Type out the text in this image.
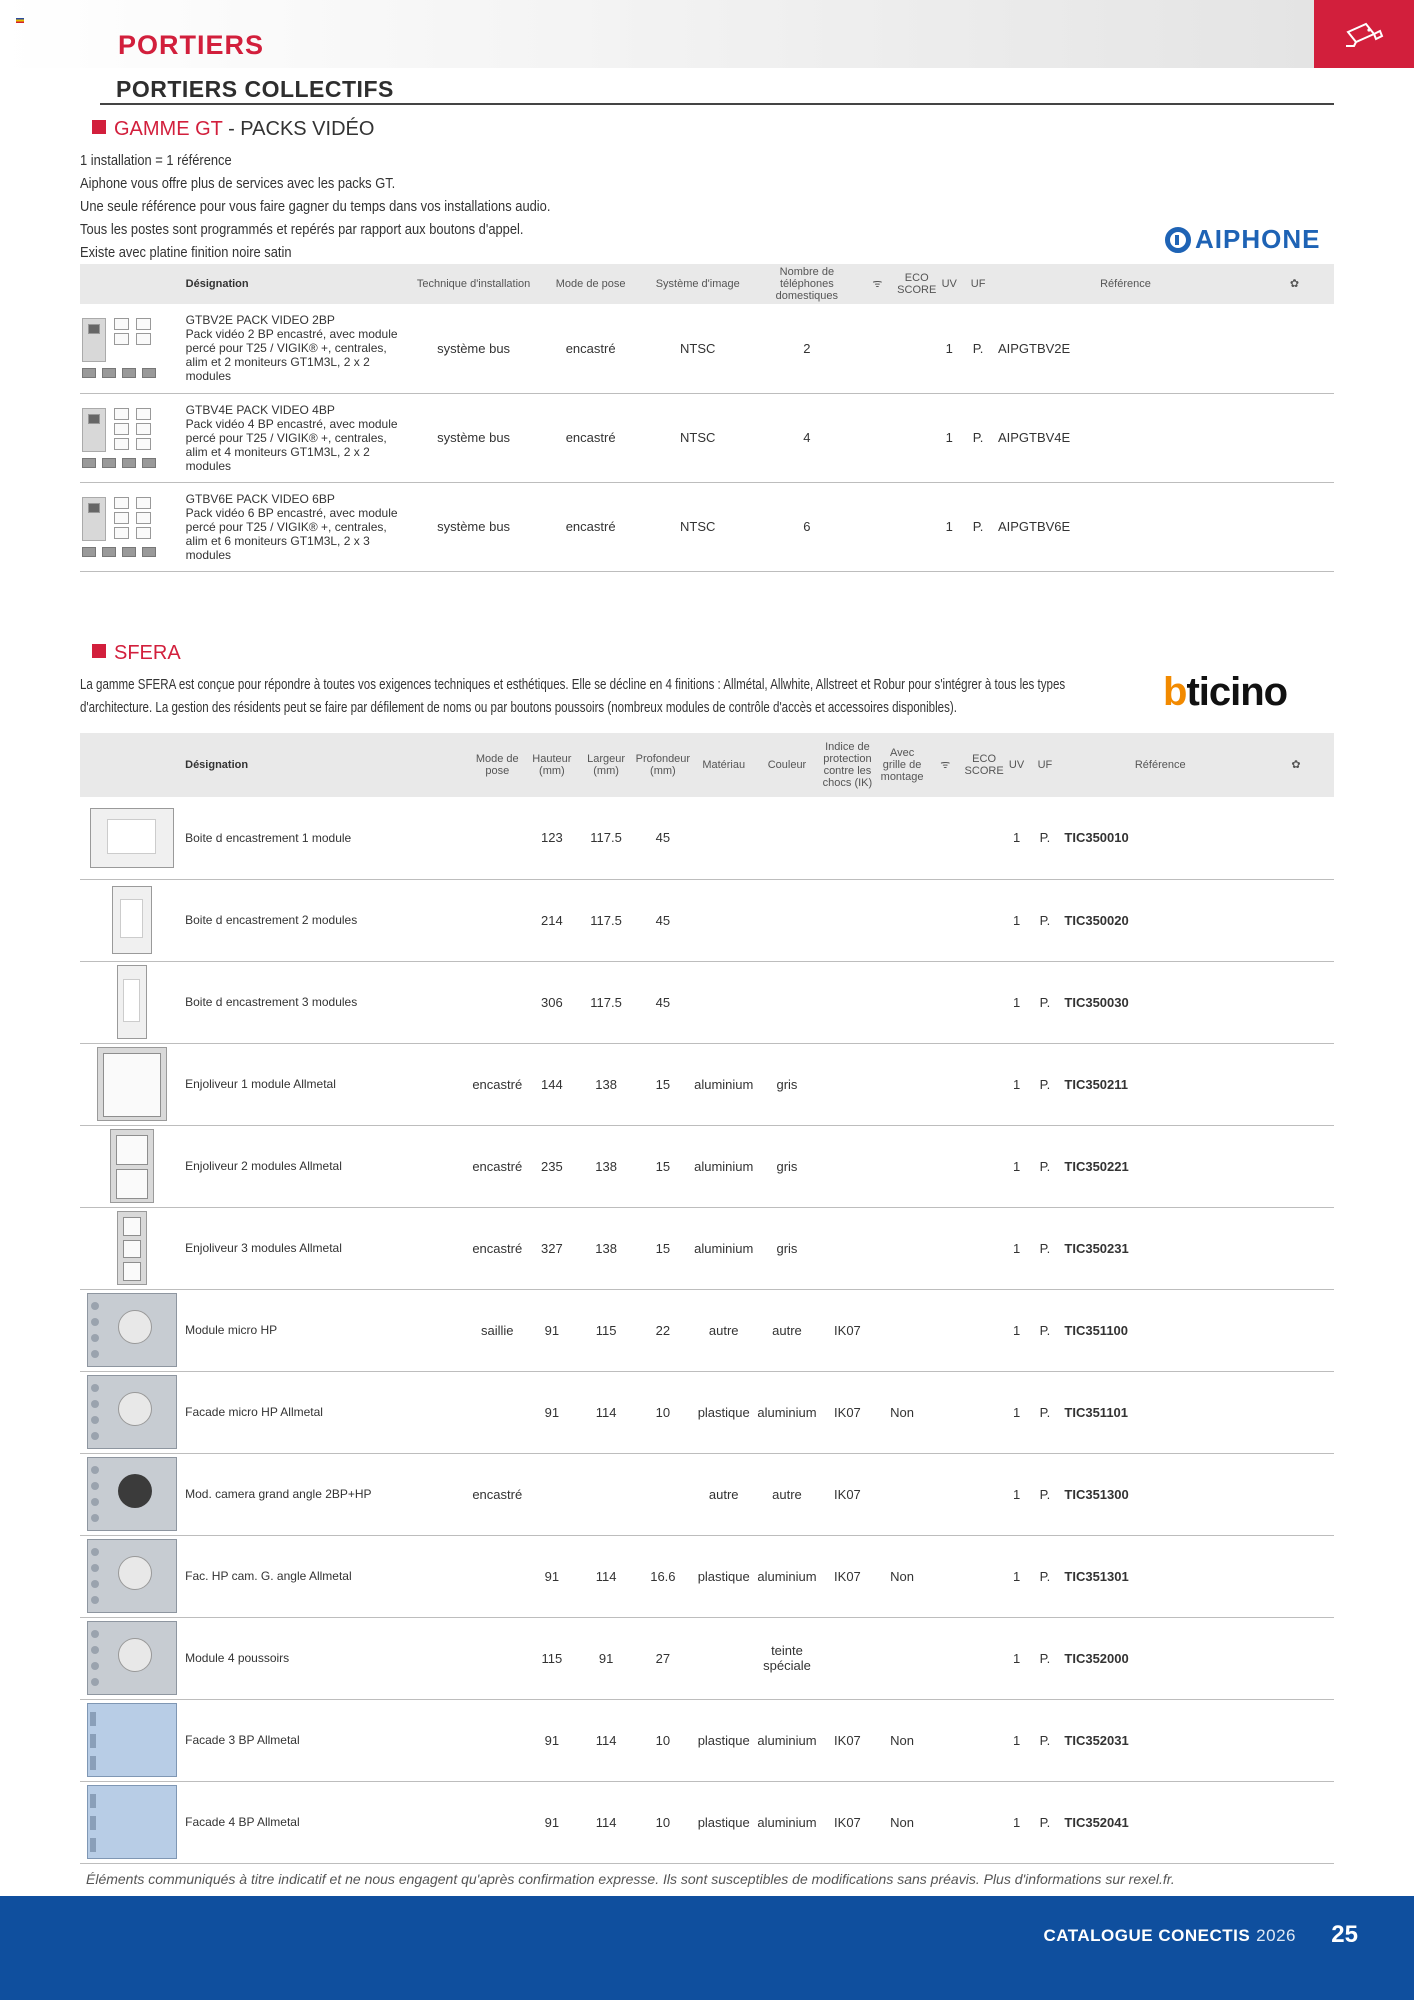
PORTIERS
PORTIERS COLLECTIFS
GAMME GT - PACKS VIDÉO
1 installation = 1 référence
Aiphone vous offre plus de services avec les packs GT.
Une seule référence pour vous faire gagner du temps dans vos installations audio.
Tous les postes sont programmés et repérés par rapport aux boutons d'appel.
Existe avec platine finition noire satin	AIPHONE
	Désignation	Technique d'installation	Mode de pose	Système d'image	Nombre de téléphones domestiques	ᯤ	ECO SCORE	UV	UF	Référence	✿

	GTBV2E PACK VIDEO 2BP
Pack vidéo 2 BP encastré, avec module percé pour T25 / VIGIK® +, centrales, alim et 2 moniteurs GT1M3L, 2 x 2 modules	système bus	encastré	NTSC	2			1	P.	AIPGTBV2E	

	GTBV4E PACK VIDEO 4BP
Pack vidéo 4 BP encastré, avec module percé pour T25 / VIGIK® +, centrales, alim et 4 moniteurs GT1M3L, 2 x 2 modules	système bus	encastré	NTSC	4			1	P.	AIPGTBV4E	

	GTBV6E PACK VIDEO 6BP
Pack vidéo 6 BP encastré, avec module percé pour T25 / VIGIK® +, centrales, alim et 6 moniteurs GT1M3L, 2 x 3 modules	système bus	encastré	NTSC	6			1	P.	AIPGTBV6E	
SFERA
La gamme SFERA est conçue pour répondre à toutes vos exigences techniques et esthétiques. Elle se décline en 4 finitions : Allmétal, Allwhite, Allstreet et Robur pour s'intégrer à tous les types
d'architecture. La gestion des résidents peut se faire par défilement de noms ou par boutons poussoirs (nombreux modules de contrôle d'accès et accessoires disponibles).	bticino
	Désignation	Mode de pose	Hauteur (mm)	Largeur (mm)	Profondeur (mm)	Matériau	Couleur	Indice de protection contre les chocs (IK)	Avec grille de montage	ᯤ	ECO SCORE	UV	UF	Référence	✿

	Boite d encastrement 1 module		123	117.5	45							1	P.	TIC350010	

	Boite d encastrement 2 modules		214	117.5	45							1	P.	TIC350020	

	Boite d encastrement 3 modules		306	117.5	45							1	P.	TIC350030	

	Enjoliveur 1 module Allmetal	encastré	144	138	15	aluminium	gris					1	P.	TIC350211	

	Enjoliveur 2 modules Allmetal	encastré	235	138	15	aluminium	gris					1	P.	TIC350221	

	Enjoliveur 3 modules Allmetal	encastré	327	138	15	aluminium	gris					1	P.	TIC350231	

	Module micro HP	saillie	91	115	22	autre	autre	IK07				1	P.	TIC351100	

	Facade micro HP Allmetal		91	114	10	plastique	aluminium	IK07	Non			1	P.	TIC351101	

	Mod. camera grand angle 2BP+HP	encastré				autre	autre	IK07				1	P.	TIC351300	

	Fac. HP cam. G. angle Allmetal		91	114	16.6	plastique	aluminium	IK07	Non			1	P.	TIC351301	

	Module 4 poussoirs		115	91	27		teinte spéciale					1	P.	TIC352000	

	Facade 3 BP Allmetal		91	114	10	plastique	aluminium	IK07	Non			1	P.	TIC352031	

	Facade 4 BP Allmetal		91	114	10	plastique	aluminium	IK07	Non			1	P.	TIC352041	
Éléments communiqués à titre indicatif et ne nous engagent qu'après confirmation expresse. Ils sont susceptibles de modifications sans préavis. Plus d'informations sur rexel.fr.
CATALOGUE CONECTIS 2026 25
